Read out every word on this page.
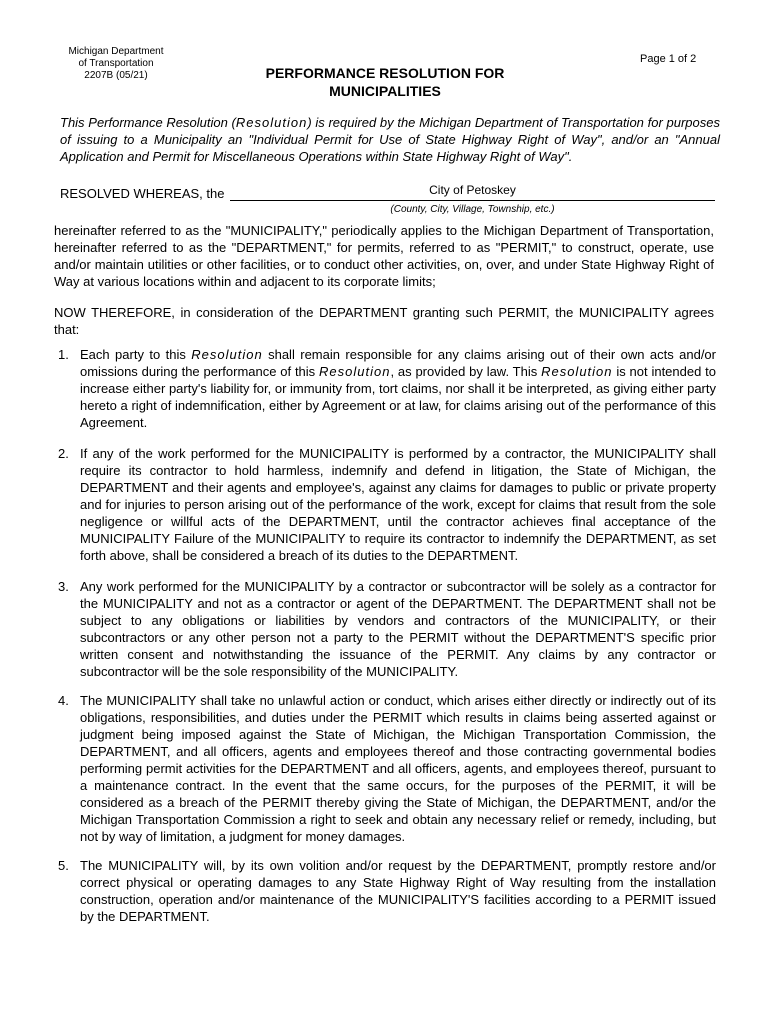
Michigan Department
of Transportation
2207B (05/21)
Page 1 of 2
PERFORMANCE RESOLUTION FOR
MUNICIPALITIES
This Performance Resolution (Resolution) is required by the Michigan Department of Transportation for purposes of issuing to a Municipality an "Individual Permit for Use of State Highway Right of Way", and/or an "Annual Application and Permit for Miscellaneous Operations within State Highway Right of Way".
RESOLVED WHEREAS, the	City of Petoskey
(County, City, Village, Township, etc.)
hereinafter referred to as the "MUNICIPALITY," periodically applies to the Michigan Department of Transportation, hereinafter referred to as the "DEPARTMENT," for permits, referred to as "PERMIT," to construct, operate, use and/or maintain utilities or other facilities, or to conduct other activities, on, over, and under State Highway Right of Way at various locations within and adjacent to its corporate limits;
NOW THEREFORE, in consideration of the DEPARTMENT granting such PERMIT, the MUNICIPALITY agrees that:
1. Each party to this Resolution shall remain responsible for any claims arising out of their own acts and/or omissions during the performance of this Resolution, as provided by law. This Resolution is not intended to increase either party's liability for, or immunity from, tort claims, nor shall it be interpreted, as giving either party hereto a right of indemnification, either by Agreement or at law, for claims arising out of the performance of this Agreement.
2. If any of the work performed for the MUNICIPALITY is performed by a contractor, the MUNICIPALITY shall require its contractor to hold harmless, indemnify and defend in litigation, the State of Michigan, the DEPARTMENT and their agents and employee's, against any claims for damages to public or private property and for injuries to person arising out of the performance of the work, except for claims that result from the sole negligence or willful acts of the DEPARTMENT, until the contractor achieves final acceptance of the MUNICIPALITY Failure of the MUNICIPALITY to require its contractor to indemnify the DEPARTMENT, as set forth above, shall be considered a breach of its duties to the DEPARTMENT.
3. Any work performed for the MUNICIPALITY by a contractor or subcontractor will be solely as a contractor for the MUNICIPALITY and not as a contractor or agent of the DEPARTMENT. The DEPARTMENT shall not be subject to any obligations or liabilities by vendors and contractors of the MUNICIPALITY, or their subcontractors or any other person not a party to the PERMIT without the DEPARTMENT'S specific prior written consent and notwithstanding the issuance of the PERMIT. Any claims by any contractor or subcontractor will be the sole responsibility of the MUNICIPALITY.
4. The MUNICIPALITY shall take no unlawful action or conduct, which arises either directly or indirectly out of its obligations, responsibilities, and duties under the PERMIT which results in claims being asserted against or judgment being imposed against the State of Michigan, the Michigan Transportation Commission, the DEPARTMENT, and all officers, agents and employees thereof and those contracting governmental bodies performing permit activities for the DEPARTMENT and all officers, agents, and employees thereof, pursuant to a maintenance contract. In the event that the same occurs, for the purposes of the PERMIT, it will be considered as a breach of the PERMIT thereby giving the State of Michigan, the DEPARTMENT, and/or the Michigan Transportation Commission a right to seek and obtain any necessary relief or remedy, including, but not by way of limitation, a judgment for money damages.
5. The MUNICIPALITY will, by its own volition and/or request by the DEPARTMENT, promptly restore and/or correct physical or operating damages to any State Highway Right of Way resulting from the installation construction, operation and/or maintenance of the MUNICIPALITY'S facilities according to a PERMIT issued by the DEPARTMENT.
